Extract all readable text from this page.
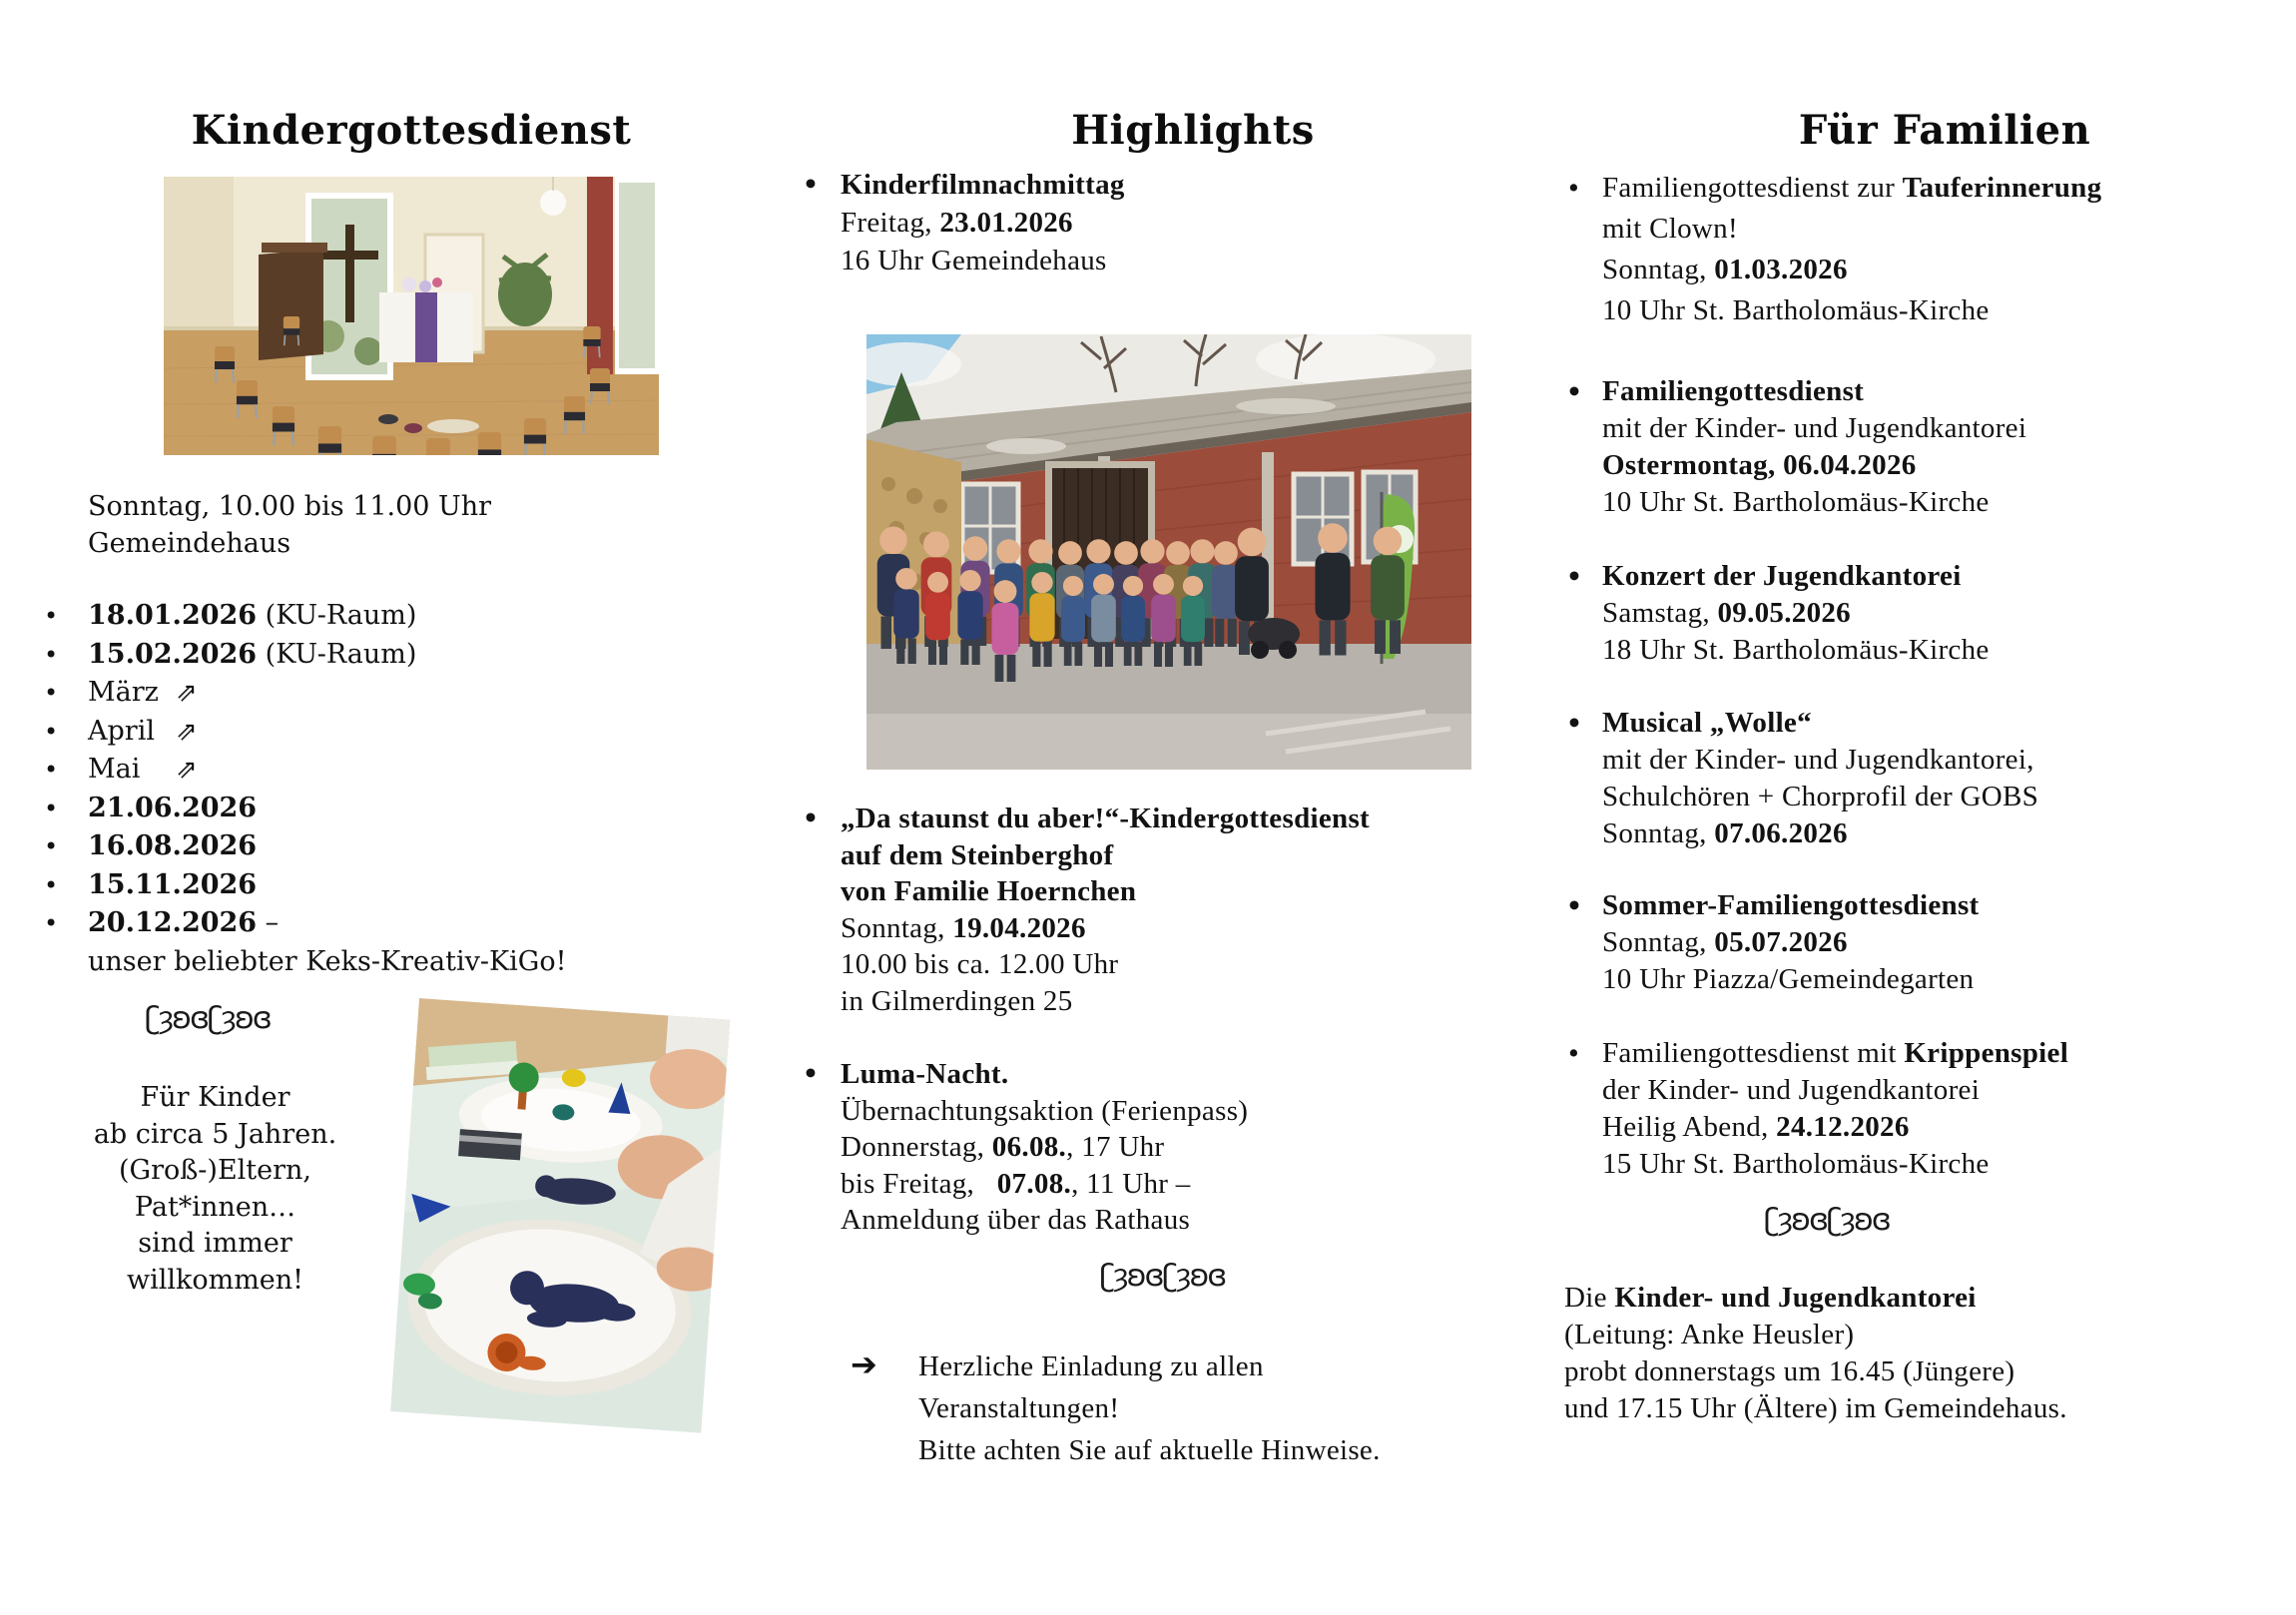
Kindergottesdienst
Sonntag, 10.00 bis 11.00 Uhr
Gemeindehaus
• 18.01.2026 (KU-Raum)
• 15.02.2026 (KU-Raum)
• März ⇗
• April ⇗
• Mai ⇗
• 21.06.2026
• 16.08.2026
• 15.11.2026
• 20.12.2026 –
unser beliebter Keks-Kreativ-KiGo!
ʗȝʚɞʗȝʚɞ
Für Kinder
ab circa 5 Jahren.
(Groß-)Eltern,
Pat*innen…
sind immer
willkommen!
Highlights
• Kinderfilmnachmittag
Freitag, 23.01.2026
16 Uhr Gemeindehaus
• „Da staunst du aber!“-Kindergottesdienst
auf dem Steinberghof
von Familie Hoernchen
Sonntag, 19.04.2026
10.00 bis ca. 12.00 Uhr
in Gilmerdingen 25
• Luma-Nacht.
Übernachtungsaktion (Ferienpass)
Donnerstag, 06.08., 17 Uhr
bis Freitag,   07.08., 11 Uhr –
Anmeldung über das Rathaus
ʗȝʚɞʗȝʚɞ
➔ Herzliche Einladung zu allen
Veranstaltungen!
Bitte achten Sie auf aktuelle Hinweise.
Für Familien
• Familiengottesdienst zur Tauferinnerung
mit Clown!
Sonntag, 01.03.2026
10 Uhr St. Bartholomäus-Kirche
• Familiengottesdienst
mit der Kinder- und Jugendkantorei
Ostermontag, 06.04.2026
10 Uhr St. Bartholomäus-Kirche
• Konzert der Jugendkantorei
Samstag, 09.05.2026
18 Uhr St. Bartholomäus-Kirche
• Musical „Wolle“
mit der Kinder- und Jugendkantorei,
Schulchören + Chorprofil der GOBS
Sonntag, 07.06.2026
• Sommer-Familiengottesdienst
Sonntag, 05.07.2026
10 Uhr Piazza/Gemeindegarten
• Familiengottesdienst mit Krippenspiel
der Kinder- und Jugendkantorei
Heilig Abend, 24.12.2026
15 Uhr St. Bartholomäus-Kirche
ʗȝʚɞʗȝʚɞ
Die Kinder- und Jugendkantorei
(Leitung: Anke Heusler)
probt donnerstags um 16.45 (Jüngere)
und 17.15 Uhr (Ältere) im Gemeindehaus.
